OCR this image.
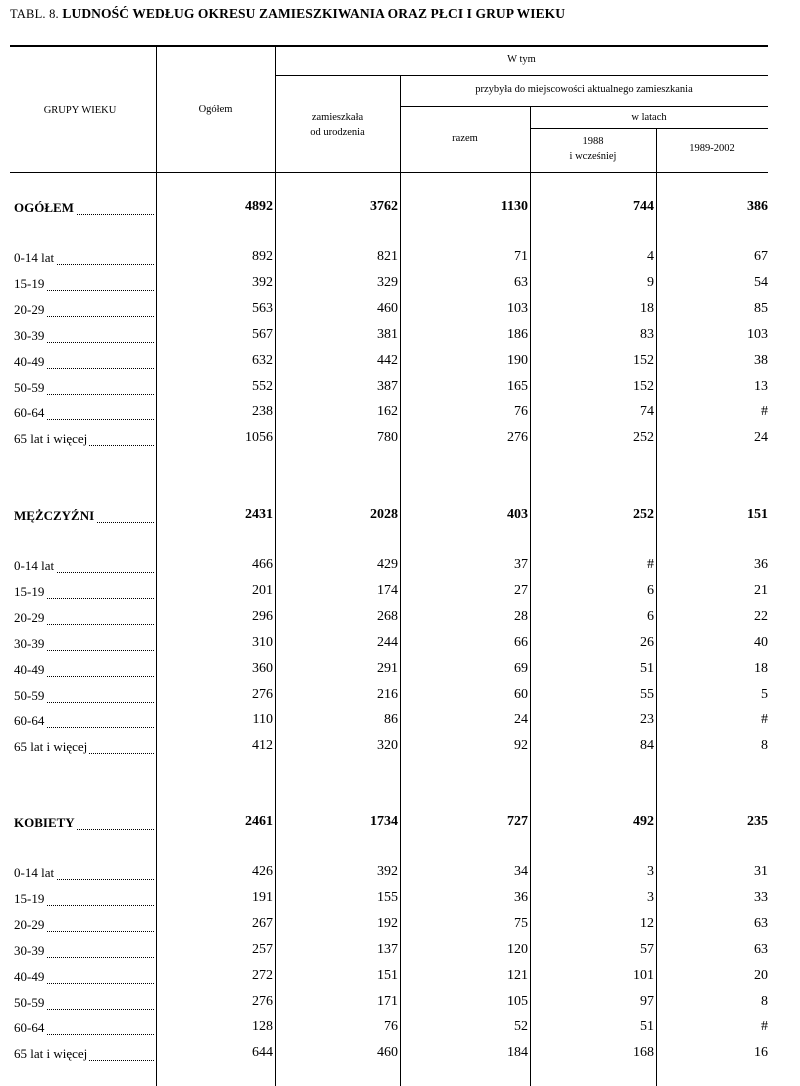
TABL. 8. LUDNOŚĆ WEDŁUG OKRESU ZAMIESZKIWANIA ORAZ PŁCI I GRUP WIEKU
GRUPY WIEKU	Ogółem
W tym
zamieszkała
od urodzenia
przybyła do miejscowości aktualnego zamieszkania
razem
w latach
1988
i wcześniej
1989-2002
OGÓŁEM	4892	3762	1130	744	386
0-14 lat	892	821	71	4	67
15-19	392	329	63	9	54
20-29	563	460	103	18	85
30-39	567	381	186	83	103
40-49	632	442	190	152	38
50-59	552	387	165	152	13
60-64	238	162	76	74	#
65 lat i więcej	1056	780	276	252	24
MĘŻCZYŹNI	2431	2028	403	252	151
0-14 lat	466	429	37	#	36
15-19	201	174	27	6	21
20-29	296	268	28	6	22
30-39	310	244	66	26	40
40-49	360	291	69	51	18
50-59	276	216	60	55	5
60-64	110	86	24	23	#
65 lat i więcej	412	320	92	84	8
KOBIETY	2461	1734	727	492	235
0-14 lat	426	392	34	3	31
15-19	191	155	36	3	33
20-29	267	192	75	12	63
30-39	257	137	120	57	63
40-49	272	151	121	101	20
50-59	276	171	105	97	8
60-64	128	76	52	51	#
65 lat i więcej	644	460	184	168	16
